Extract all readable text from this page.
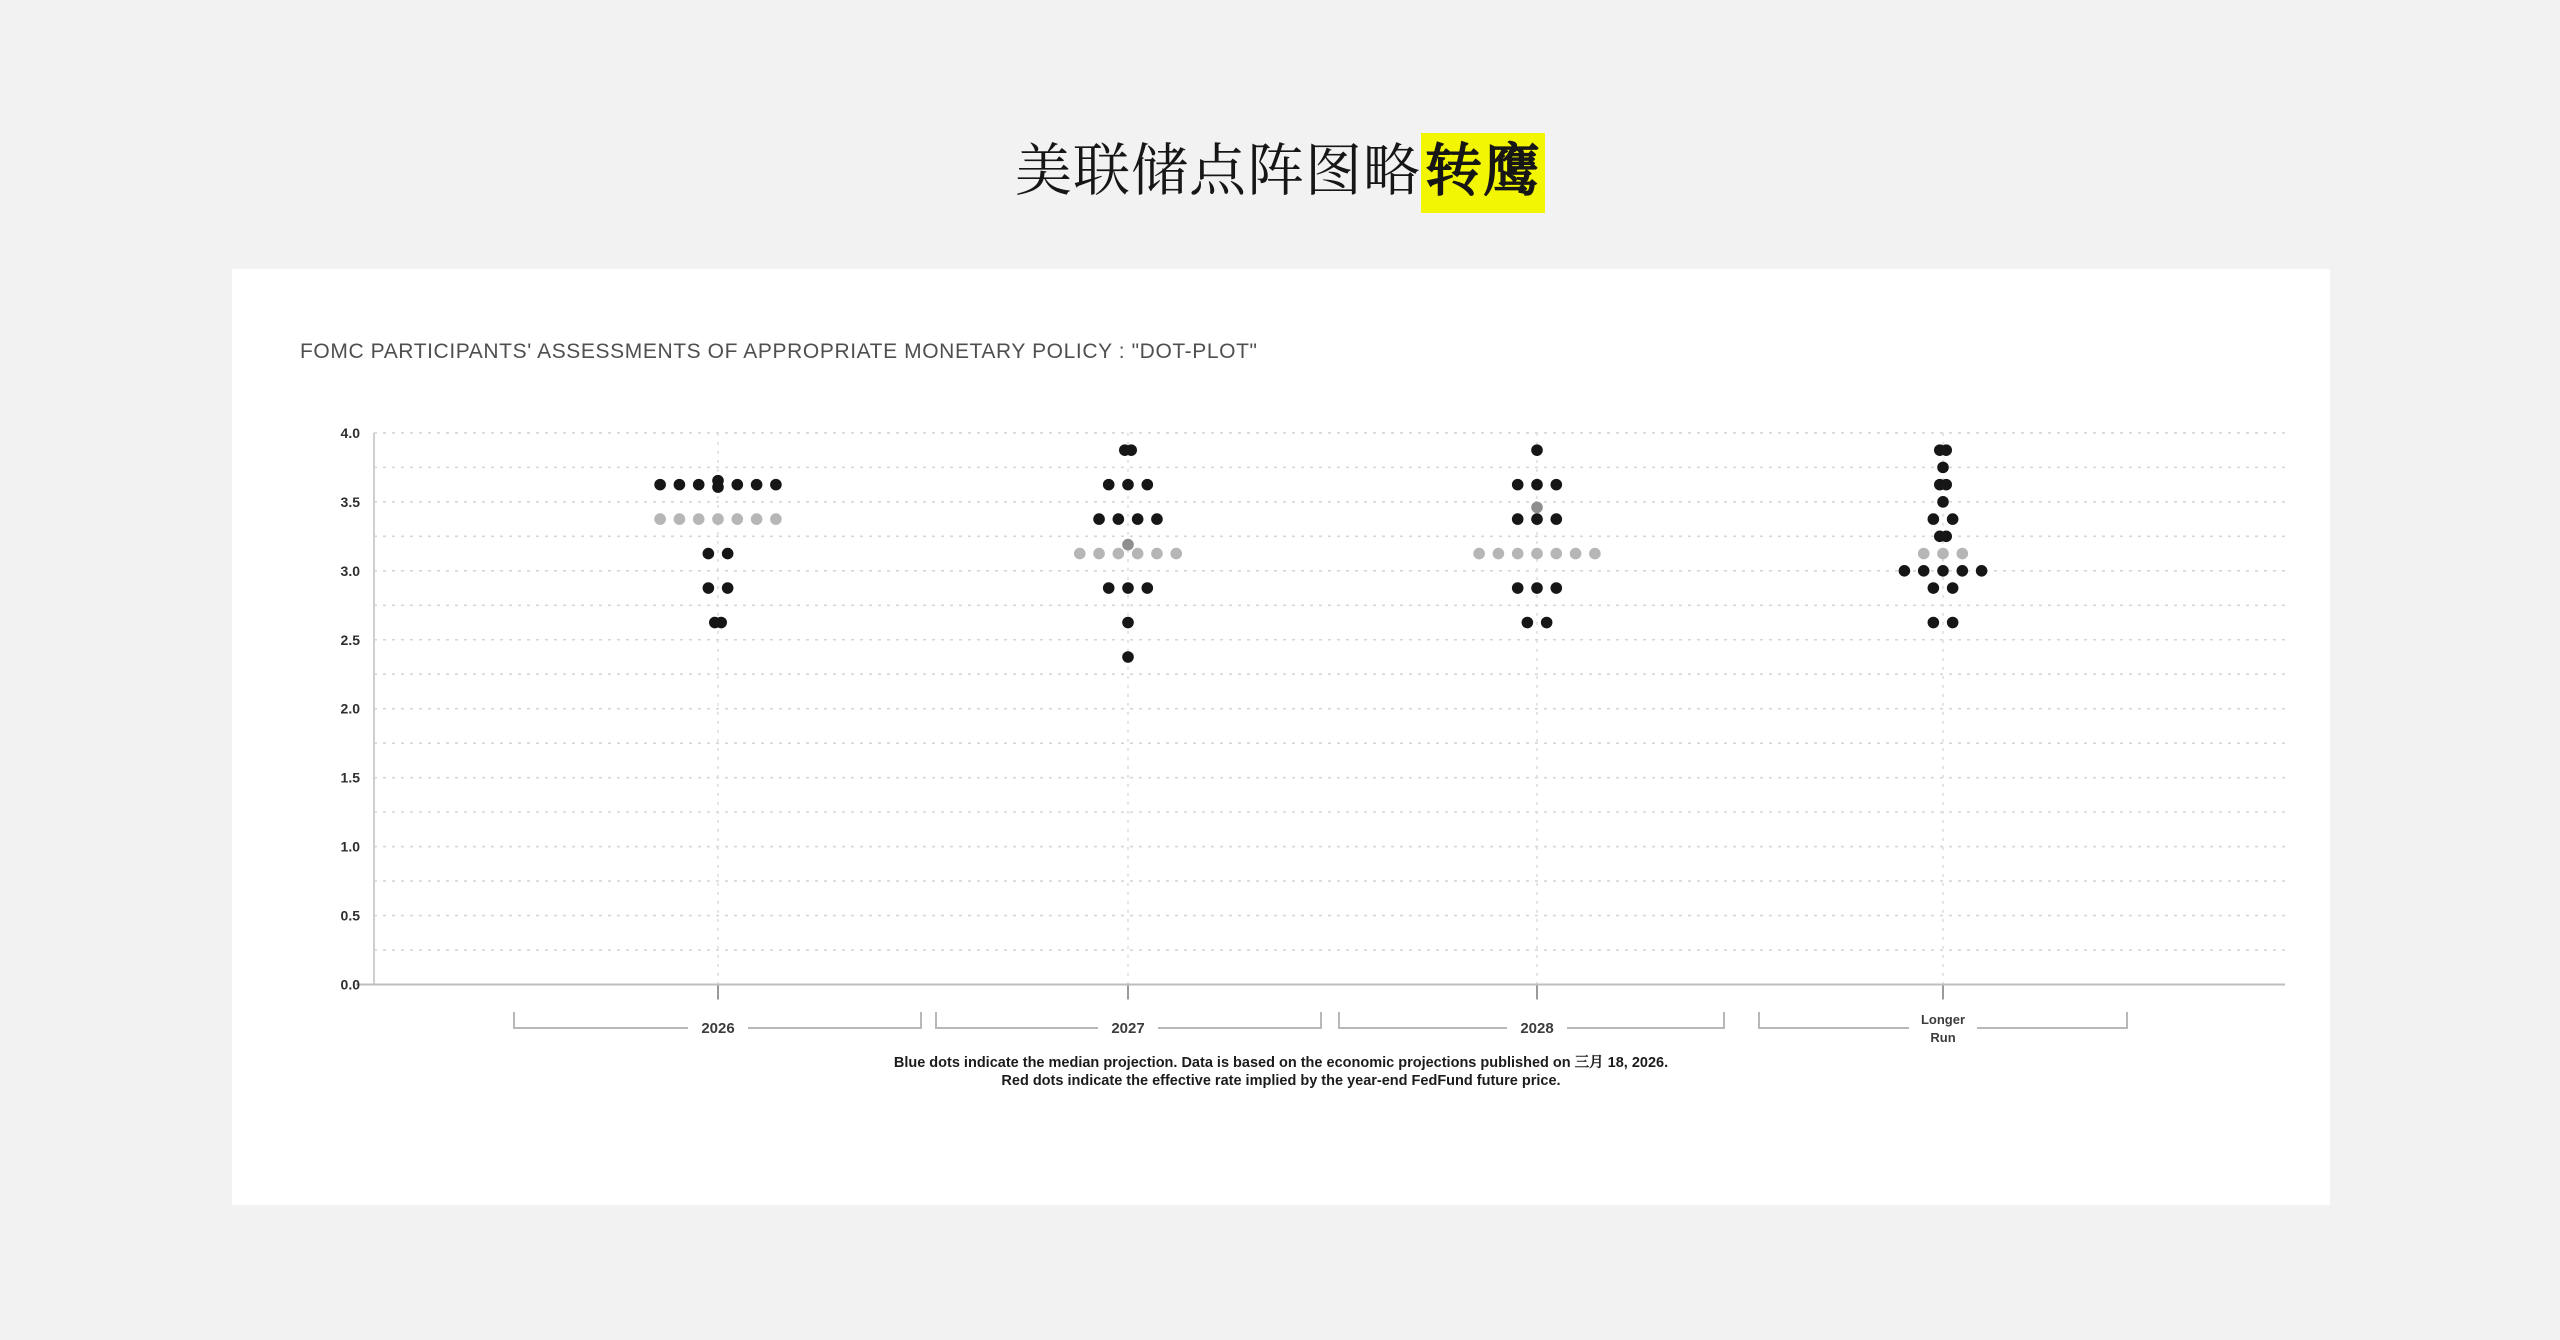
美联储点阵图略转鹰
FOMC PARTICIPANTS' ASSESSMENTS OF APPROPRIATE MONETARY POLICY : "DOT-PLOT"
0.0
0.5
1.0
1.5
2.0
2.5
3.0
3.5
4.0
2026	2027	2028
Longer
Run
Blue dots indicate the median projection. Data is based on the economic projections published on 三月 18, 2026.
Red dots indicate the effective rate implied by the year-end FedFund future price.
